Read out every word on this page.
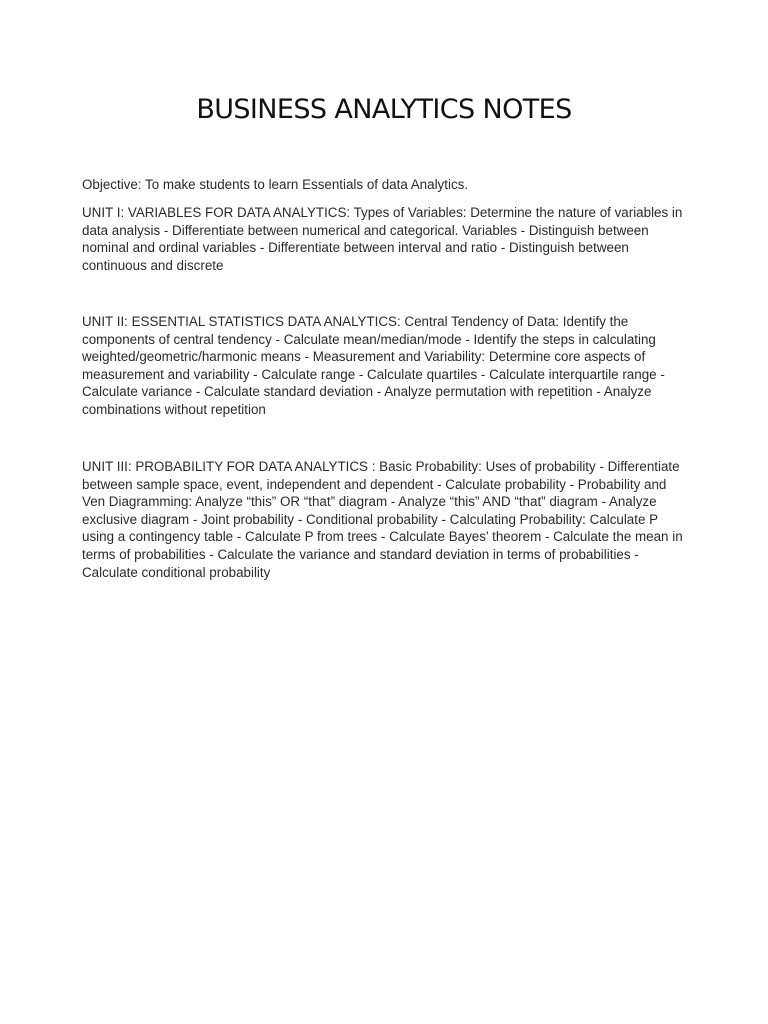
BUSINESS ANALYTICS NOTES

Objective: To make students to learn Essentials of data Analytics.

UNIT I: VARIABLES FOR DATA ANALYTICS: Types of Variables: Determine the nature of variables in data analysis - Differentiate between numerical and categorical. Variables - Distinguish between nominal and ordinal variables - Differentiate between interval and ratio - Distinguish between continuous and discrete

UNIT II: ESSENTIAL STATISTICS DATA ANALYTICS: Central Tendency of Data: Identify the components of central tendency - Calculate mean/median/mode - Identify the steps in calculating weighted/geometric/harmonic means - Measurement and Variability: Determine core aspects of measurement and variability - Calculate range - Calculate quartiles - Calculate interquartile range - Calculate variance - Calculate standard deviation - Analyze permutation with repetition - Analyze combinations without repetition

UNIT III: PROBABILITY FOR DATA ANALYTICS : Basic Probability: Uses of probability - Differentiate between sample space, event, independent and dependent - Calculate probability - Probability and Ven Diagramming: Analyze “this” OR “that” diagram - Analyze “this” AND “that” diagram - Analyze exclusive diagram - Joint probability - Conditional probability - Calculating Probability: Calculate P using a contingency table - Calculate P from trees - Calculate Bayes’ theorem - Calculate the mean in terms of probabilities - Calculate the variance and standard deviation in terms of probabilities - Calculate conditional probability
